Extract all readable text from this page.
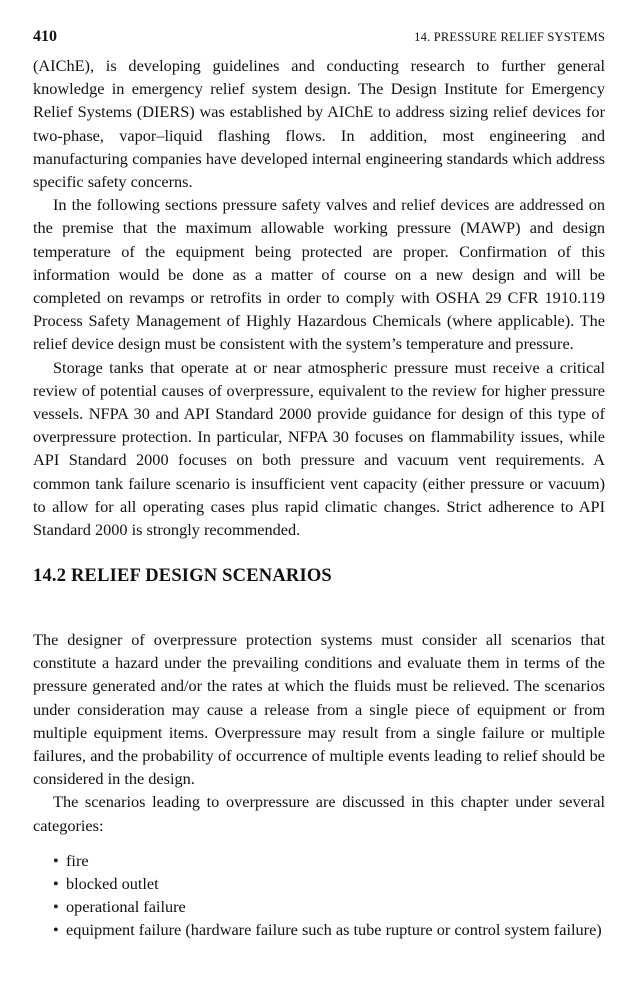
410	14. PRESSURE RELIEF SYSTEMS

(AIChE), is developing guidelines and conducting research to further general knowledge in emergency relief system design. The Design Institute for Emergency Relief Systems (DIERS) was established by AIChE to address sizing relief devices for two-phase, vapor–liquid flashing flows. In addition, most engineering and manufacturing companies have developed internal engineering standards which address specific safety concerns.

In the following sections pressure safety valves and relief devices are addressed on the premise that the maximum allowable working pressure (MAWP) and design temperature of the equipment being protected are proper. Confirmation of this information would be done as a matter of course on a new design and will be completed on revamps or retrofits in order to comply with OSHA 29 CFR 1910.119 Process Safety Management of Highly Hazardous Chemicals (where applicable). The relief device design must be consistent with the system’s temperature and pressure.

Storage tanks that operate at or near atmospheric pressure must receive a critical review of potential causes of overpressure, equivalent to the review for higher pressure vessels. NFPA 30 and API Standard 2000 provide guidance for design of this type of overpressure protection. In particular, NFPA 30 focuses on flammability issues, while API Standard 2000 focuses on both pressure and vacuum vent requirements. A common tank failure scenario is insufficient vent capacity (either pressure or vacuum) to allow for all operating cases plus rapid climatic changes. Strict adherence to API Standard 2000 is strongly recommended.

14.2 RELIEF DESIGN SCENARIOS

The designer of overpressure protection systems must consider all scenarios that constitute a hazard under the prevailing conditions and evaluate them in terms of the pressure generated and/or the rates at which the fluids must be relieved. The scenarios under consideration may cause a release from a single piece of equipment or from multiple equipment items. Overpressure may result from a single failure or multiple failures, and the probability of occurrence of multiple events leading to relief should be considered in the design.

The scenarios leading to overpressure are discussed in this chapter under several categories:

• fire
• blocked outlet
• operational failure
• equipment failure (hardware failure such as tube rupture or control system failure)
